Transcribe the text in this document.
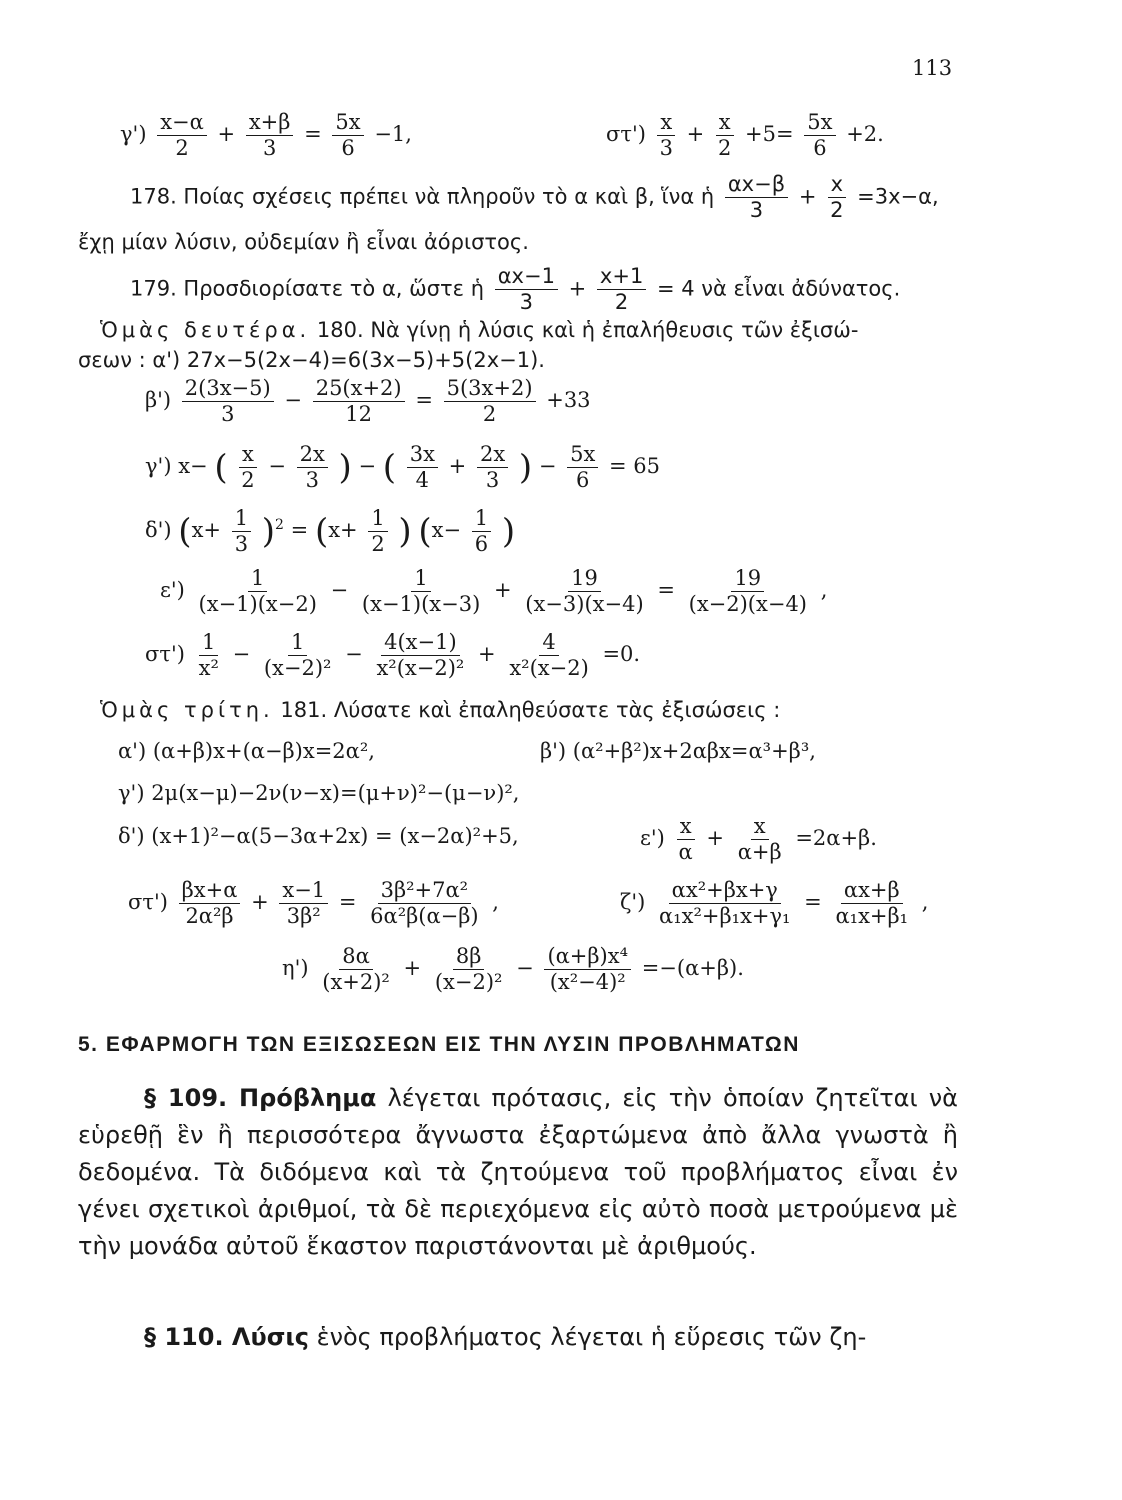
113
$\gamma') \frac{x-\alpha}{2} + \frac{x+\beta}{3} = \frac{5x}{6} -1$,	$\sigma\tau') \frac{x}{3} + \frac{x}{2} +5= \frac{5x}{6} +2$.
178. Ποίας σχέσεις πρέπει νὰ πληροῦν τὸ α καὶ β, ἵνα ἡ $\frac{\alpha x-\beta}{3} + \frac{x}{2} =3x-\alpha$,
ἔχῃ μίαν λύσιν, οὐδεμίαν ἢ εἶναι ἀόριστος.
179. Προσδιορίσατε τὸ α, ὥστε ἡ $\frac{\alpha x-1}{3} + \frac{x+1}{2} = 4$ νὰ εἶναι ἀδύνατος.
Ὁμὰς δευτέρα. 180. Νὰ γίνῃ ἡ λύσις καὶ ἡ ἐπαλήθευσις τῶν ἐξισώ-
σεων : α') 27x−5(2x−4)=6(3x−5)+5(2x−1).
$\beta') \frac{2(3x-5)}{3} - \frac{25(x+2)}{12} = \frac{5(3x+2)}{2} +33$
γ') x− ( $\frac{x}{2} - \frac{2x}{3}$ ) − ( $\frac{3x}{4} + \frac{2x}{3}$ ) − $\frac{5x}{6} = 65$
δ') $(x+ \frac{1}{3} )^2 = (x+ \frac{1}{2}$ ) ($x- \frac{1}{6}$ )
$\varepsilon') \frac{1}{(x-1)(x-2)} - \frac{1}{(x-1)(x-3)} + \frac{19}{(x-3)(x-4)} = \frac{19}{(x-2)(x-4)}$ ,
$\sigma\tau') \frac{1}{\text{x²}} - \frac{1}{\text{(x−2)²}} - \frac{4(x-1)}{\text{x²(x−2)²}} + \frac{4}{\text{x²(x−2)}} =0$.
Ὁμὰς τρίτη. 181. Λύσατε καὶ ἐπαληθεύσατε τὰς ἐξισώσεις :
α') (α+β)x+(α−β)x=2α²,	β') (α²+β²)x+2αβx=α³+β³,
γ') 2μ(x−μ)−2ν(ν−x)=(μ+ν)²−(μ−ν)²,
δ') (x+1)²−α(5−3α+2x) = (x−2α)²+5,	$\varepsilon') \frac{x}{\alpha} + \frac{x}{\alpha+\beta} =2\alpha+\beta$.
$\sigma\tau') \frac{\beta x+\alpha}{\text{2α²β}} + \frac{x-1}{\text{3β²}} = \frac{\text{3β²+7α²}}{\text{6α²β(α−β)}}$ ,	$\zeta') \frac{\text{αx²+βx+γ}}{\text{α₁x²+β₁x+γ₁}} = \frac{\alpha x+\beta}{\text{α₁x+β₁}}$ ,
$\eta') \frac{8\alpha}{\text{(x+2)²}} + \frac{8\beta}{\text{(x−2)²}} - \frac{\text{(α+β)x⁴}}{\text{(x²−4)²}} =-(\alpha+\beta)$.
5. ΕΦΑΡΜΟΓΗ ΤΩΝ ΕΞΙΣΩΣΕΩΝ ΕΙΣ ΤΗΝ ΛΥΣΙΝ ΠΡΟΒΛΗΜΑΤΩΝ
§ 109. Πρόβλημα λέγεται πρότασις, εἰς τὴν ὁποίαν ζητεῖται νὰ εὑρεθῇ ἓν ἢ περισσότερα ἄγνωστα ἐξαρτώμενα ἀπὸ ἄλλα γνωστὰ ἢ δεδομένα. Τὰ διδόμενα καὶ τὰ ζητούμενα τοῦ προβλήματος εἶναι ἐν γένει σχετικοὶ ἀριθμοί, τὰ δὲ περιεχόμενα εἰς αὐτὸ ποσὰ μετρούμενα μὲ τὴν μονάδα αὐτοῦ ἕκαστον παριστάνονται μὲ ἀριθμούς.
§ 110. Λύσις ἑνὸς προβλήματος λέγεται ἡ εὕρεσις τῶν ζη-
